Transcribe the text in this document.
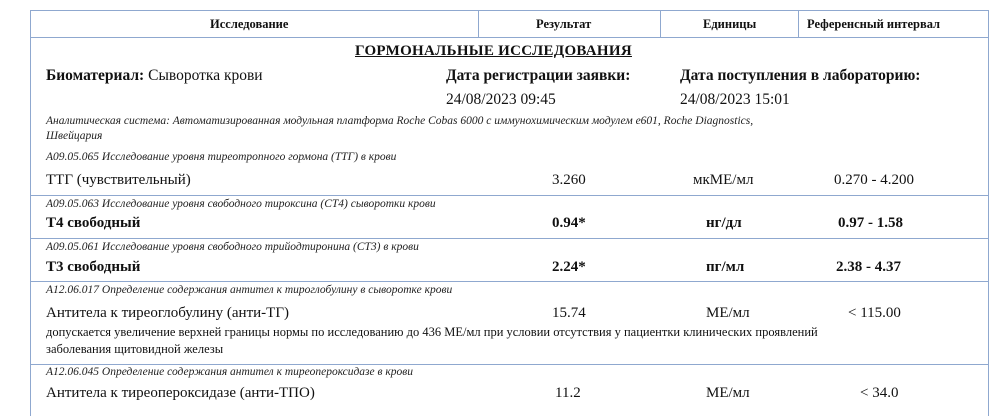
Исследование	Результат	Единицы	Референсный интервал
ГОРМОНАЛЬНЫЕ ИССЛЕДОВАНИЯ
Биоматериал: Сыворотка крови	Дата регистрации заявки:
24/08/2023 09:45
Дата поступления в лабораторию:
24/08/2023 15:01
Аналитическая система: Автоматизированная модульная платформа Roche Cobas 6000 с иммунохимическим модулем e601, Roche Diagnostics,
Швейцария
A09.05.065 Исследование уровня тиреотропного гормона (ТТГ) в крови
ТТГ (чувствительный)	3.260	мкМЕ/мл	0.270 - 4.200
A09.05.063 Исследование уровня свободного тироксина (СТ4) сыворотки крови
Т4 свободный	0.94*	нг/дл	0.97 - 1.58
A09.05.061 Исследование уровня свободного трийодтиронина (СТ3) в крови
Т3 свободный	2.24*	пг/мл	2.38 - 4.37
A12.06.017 Определение содержания антител к тироглобулину в сыворотке крови
Антитела к тиреоглобулину (анти-ТГ)	15.74	МЕ/мл	< 115.00
допускается увеличение верхней границы нормы по исследованию до 436 МЕ/мл при условии отсутствия у пациентки клинических проявлений
заболевания щитовидной железы
A12.06.045 Определение содержания антител к тиреопероксидазе в крови
Антитела к тиреопероксидазе (анти-ТПО)	11.2	МЕ/мл	< 34.0
